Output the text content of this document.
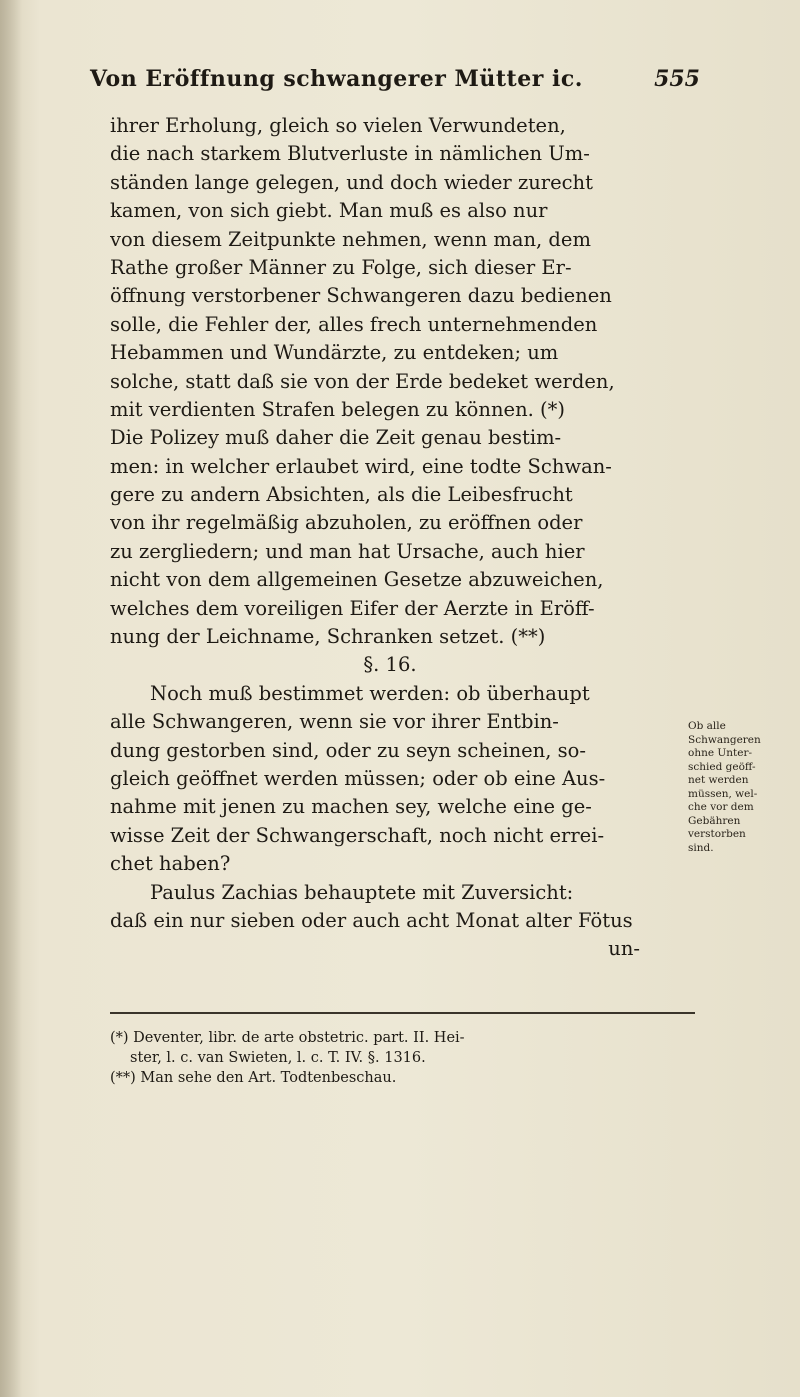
Von Eröffnung schwangerer Mütter ic.	555
ihrer Erholung, gleich so vielen Verwundeten,
die nach starkem Blutverluste in nämlichen Um-
ständen lange gelegen, und doch wieder zurecht
kamen, von sich giebt. Man muß es also nur
von diesem Zeitpunkte nehmen, wenn man, dem
Rathe großer Männer zu Folge, sich dieser Er-
öffnung verstorbener Schwangeren dazu bedienen
solle, die Fehler der, alles frech unternehmenden
Hebammen und Wundärzte, zu entdeken; um
solche, statt daß sie von der Erde bedeket werden,
mit verdienten Strafen belegen zu können. (*)
Die Polizey muß daher die Zeit genau bestim-
men: in welcher erlaubet wird, eine todte Schwan-
gere zu andern Absichten, als die Leibesfrucht
von ihr regelmäßig abzuholen, zu eröffnen oder
zu zergliedern; und man hat Ursache, auch hier
nicht von dem allgemeinen Gesetze abzuweichen,
welches dem voreiligen Eifer der Aerzte in Eröff-
nung der Leichname, Schranken setzet. (**)
§. 16.
Noch muß bestimmet werden: ob überhaupt
alle Schwangeren, wenn sie vor ihrer Entbin-
dung gestorben sind, oder zu seyn scheinen, so-
gleich geöffnet werden müssen; oder ob eine Aus-
nahme mit jenen zu machen sey, welche eine ge-
wisse Zeit der Schwangerschaft, noch nicht errei-
chet haben?
Paulus Zachias behauptete mit Zuversicht:
daß ein nur sieben oder auch acht Monat alter Fötus
un-
Ob alle
Schwangeren
ohne Unter-
schied geöff-
net werden
müssen, wel-
che vor dem
Gebähren
verstorben
sind.
(*) Deventer, libr. de arte obstetric. part. II. Hei-
ster, l. c. van Swieten, l. c. T. IV. §. 1316.
(**) Man sehe den Art. Todtenbeschau.
